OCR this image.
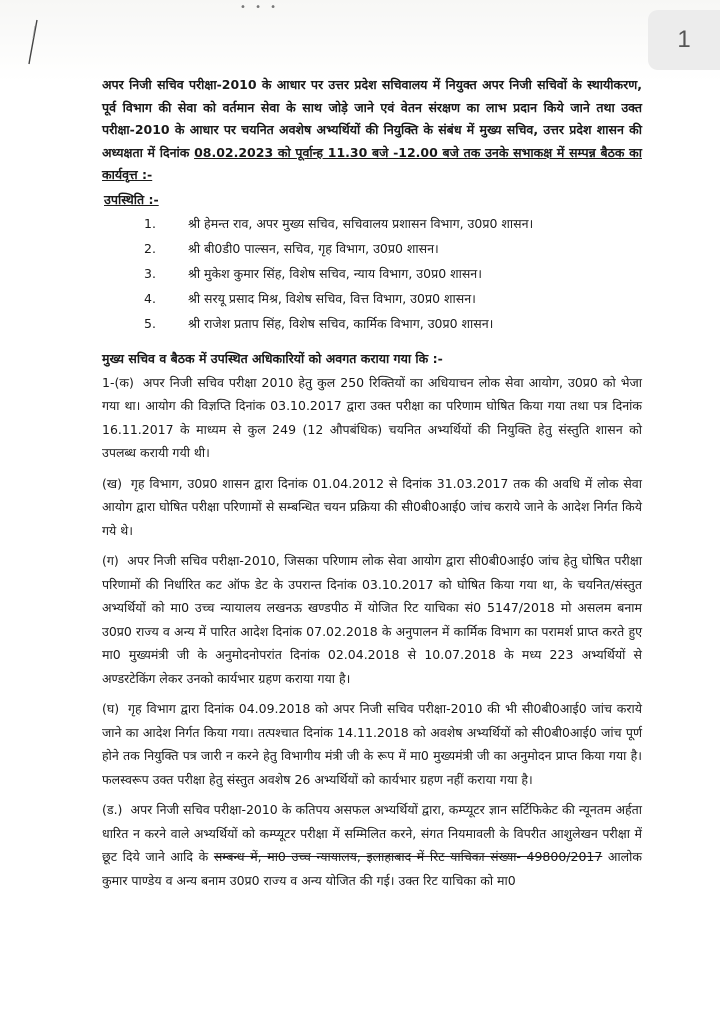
• • •
1
अपर निजी सचिव परीक्षा-2010 के आधार पर उत्तर प्रदेश सचिवालय में नियुक्त अपर निजी सचिवों के स्थायीकरण, पूर्व विभाग की सेवा को वर्तमान सेवा के साथ जोड़े जाने एवं वेतन संरक्षण का लाभ प्रदान किये जाने तथा उक्त परीक्षा-2010 के आधार पर चयनित अवशेष अभ्यर्थियों की नियुक्ति के संबंध में मुख्य सचिव, उत्तर प्रदेश शासन की अध्यक्षता में दिनांक 08.02.2023 को पूर्वान्ह 11.30 बजे -12.00 बजे तक उनके सभाकक्ष में सम्पन्न बैठक का कार्यवृत्त :-
उपस्थिति :-
1.	श्री हेमन्त राव, अपर मुख्य सचिव, सचिवालय प्रशासन विभाग, उ0प्र0 शासन।
2.	श्री बी0डी0 पाल्सन, सचिव, गृह विभाग, उ0प्र0 शासन।
3.	श्री मुकेश कुमार सिंह, विशेष सचिव, न्याय विभाग, उ0प्र0 शासन।
4.	श्री सरयू प्रसाद मिश्र, विशेष सचिव, वित्त विभाग, उ0प्र0 शासन।
5.	श्री राजेश प्रताप सिंह, विशेष सचिव, कार्मिक विभाग, उ0प्र0 शासन।
मुख्य सचिव व बैठक में उपस्थित अधिकारियों को अवगत कराया गया कि :-

1-(क) अपर निजी सचिव परीक्षा 2010 हेतु कुल 250 रिक्तियों का अधियाचन लोक सेवा आयोग, उ0प्र0 को भेजा गया था। आयोग की विज्ञप्ति दिनांक 03.10.2017 द्वारा उक्त परीक्षा का परिणाम घोषित किया गया तथा पत्र दिनांक 16.11.2017 के माध्यम से कुल 249 (12 औपबंधिक) चयनित अभ्यर्थियों की नियुक्ति हेतु संस्तुति शासन को उपलब्ध करायी गयी थी।

(ख) गृह विभाग, उ0प्र0 शासन द्वारा दिनांक 01.04.2012 से दिनांक 31.03.2017 तक की अवधि में लोक सेवा आयोग द्वारा घोषित परीक्षा परिणामों से सम्बन्धित चयन प्रक्रिया की सी0बी0आई0 जांच कराये जाने के आदेश निर्गत किये गये थे।

(ग) अपर निजी सचिव परीक्षा-2010, जिसका परिणाम लोक सेवा आयोग द्वारा सी0बी0आई0 जांच हेतु घोषित परीक्षा परिणामों की निर्धारित कट ऑफ डेट के उपरान्त दिनांक 03.10.2017 को घोषित किया गया था, के चयनित/संस्तुत अभ्यर्थियों को मा0 उच्च न्यायालय लखनऊ खण्डपीठ में योजित रिट याचिका सं0 5147/2018 मो असलम बनाम उ0प्र0 राज्य व अन्य में पारित आदेश दिनांक 07.02.2018 के अनुपालन में कार्मिक विभाग का परामर्श प्राप्त करते हुए मा0 मुख्यमंत्री जी के अनुमोदनोपरांत दिनांक 02.04.2018 से 10.07.2018 के मध्य 223 अभ्यर्थियों से अण्डरटेकिंग लेकर उनको कार्यभार ग्रहण कराया गया है।

(घ) गृह विभाग द्वारा दिनांक 04.09.2018 को अपर निजी सचिव परीक्षा-2010 की भी सी0बी0आई0 जांच कराये जाने का आदेश निर्गत किया गया। तत्पश्चात दिनांक 14.11.2018 को अवशेष अभ्यर्थियों को सी0बी0आई0 जांच पूर्ण होने तक नियुक्ति पत्र जारी न करने हेतु विभागीय मंत्री जी के रूप में मा0 मुख्यमंत्री जी का अनुमोदन प्राप्त किया गया है। फलस्वरूप उक्त परीक्षा हेतु संस्तुत अवशेष 26 अभ्यर्थियों को कार्यभार ग्रहण नहीं कराया गया है।

(ड.) अपर निजी सचिव परीक्षा-2010 के कतिपय असफल अभ्यर्थियों द्वारा, कम्प्यूटर ज्ञान सर्टिफिकेट की न्यूनतम अर्हता धारित न करने वाले अभ्यर्थियों को कम्प्यूटर परीक्षा में सम्मिलित करने, संगत नियमावली के विपरीत आशुलेखन परीक्षा में छूट दिये जाने आदि के सम्बन्ध में, मा0 उच्च न्यायालय, इलाहाबाद में रिट याचिका संख्या- 49800/2017 आलोक कुमार पाण्डेय व अन्य बनाम उ0प्र0 राज्य व अन्य योजित की गई। उक्त रिट याचिका को मा0
